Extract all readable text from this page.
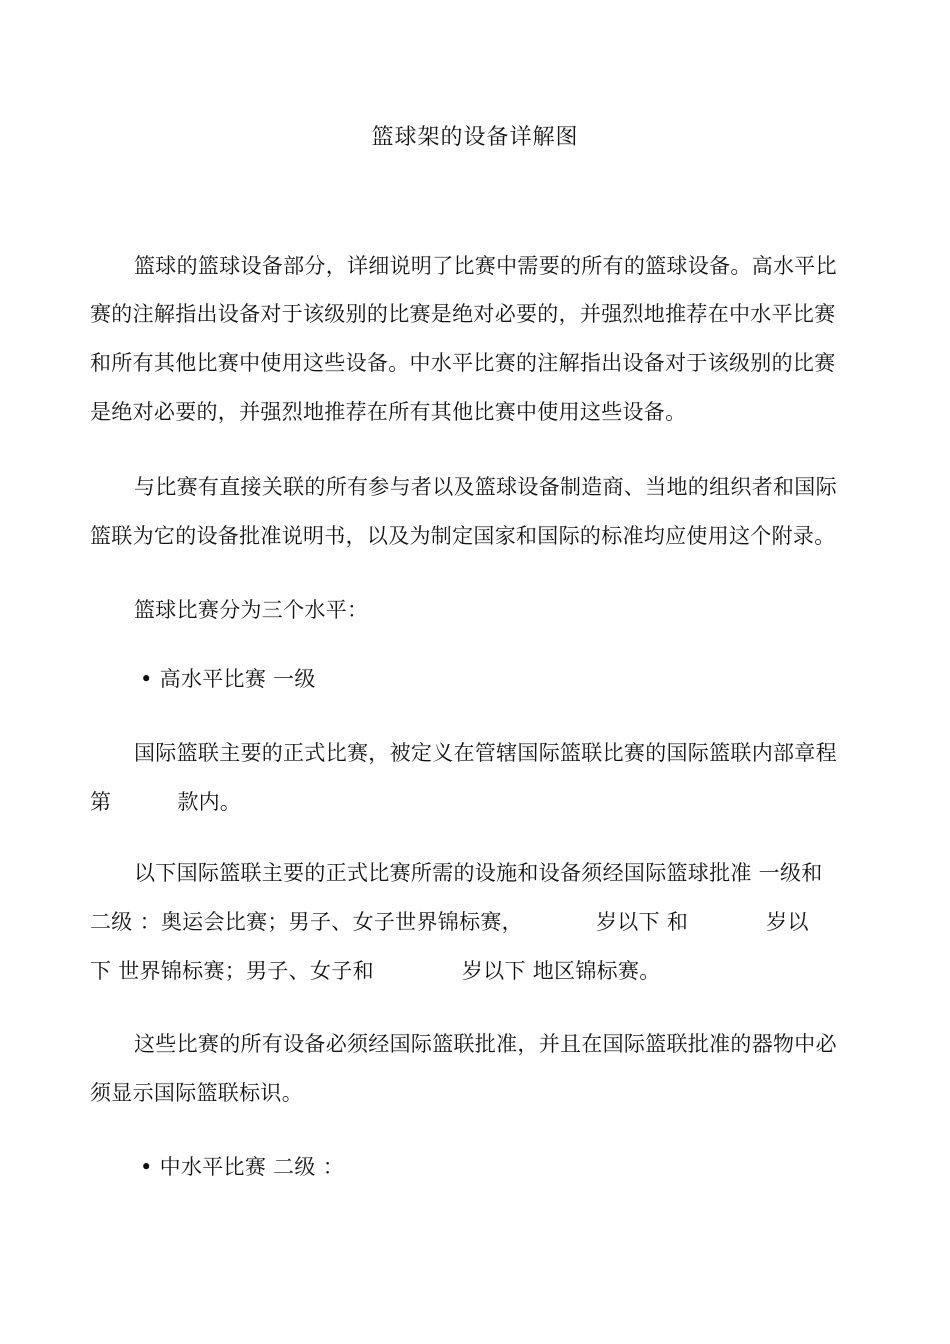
篮球架的设备详解图
篮球的篮球设备部分，详细说明了比赛中需要的所有的篮球设备。高水平比
赛的注解指出设备对于该级别的比赛是绝对必要的，并强烈地推荐在中水平比赛
和所有其他比赛中使用这些设备。中水平比赛的注解指出设备对于该级别的比赛
是绝对必要的，并强烈地推荐在所有其他比赛中使用这些设备。
与比赛有直接关联的所有参与者以及篮球设备制造商、当地的组织者和国际
篮联为它的设备批准说明书，以及为制定国家和国际的标准均应使用这个附录。
篮球比赛分为三个水平：
• 高水平比赛 一级
国际篮联主要的正式比赛，被定义在管辖国际篮联比赛的国际篮联内部章程
第	款内。
以下国际篮联主要的正式比赛所需的设施和设备须经国际篮球批准 一级和
二级 ：奥运会比赛；男子、女子世界锦标赛，	岁以下 和	岁以
下 世界锦标赛；男子、女子和	岁以下 地区锦标赛。
这些比赛的所有设备必须经国际篮联批准，并且在国际篮联批准的器物中必
须显示国际篮联标识。
• 中水平比赛 二级 ：
